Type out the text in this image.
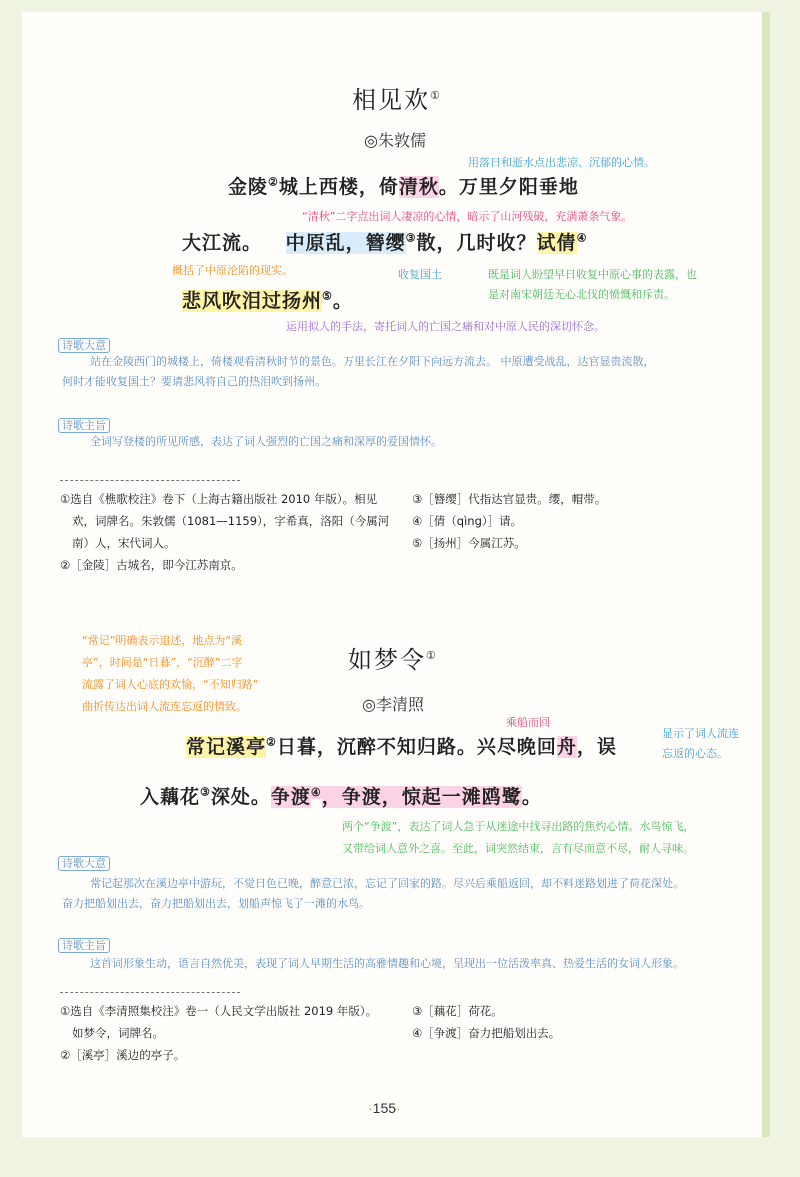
相见欢①
◎朱敦儒
用落日和逝水点出悲凉、沉郁的心情。
金陵②城上西楼，倚清秋。万里夕阳垂地
“清秋”二字点出词人凄凉的心情，暗示了山河残破，充满萧条气象。
大江流。 中原乱，簪缨③散，几时收？试倩④
概括了中原沦陷的现实。	收复国土	既是词人盼望早日收复中原心事的表露，也
是对南宋朝廷无心北伐的愤慨和斥责。
悲风吹泪过扬州⑤。
运用拟人的手法，寄托词人的亡国之痛和对中原人民的深切怀念。
诗歌大意
站在金陵西门的城楼上，倚楼观看清秋时节的景色。万里长江在夕阳下向远方流去。 中原遭受战乱，达官显贵流散，
何时才能收复国土？要请悲风将自己的热泪吹到扬州。
诗歌主旨
全词写登楼的所见所感，表达了词人强烈的亡国之痛和深厚的爱国情怀。
①选自《樵歌校注》卷下（上海古籍出版社 2010 年版）。相见
欢，词牌名。朱敦儒（1081—1159），字希真，洛阳（今属河
南）人，宋代词人。
②［金陵］古城名，即今江苏南京。
③［簪缨］代指达官显贵。缨，帽带。
④［倩（qìng）］请。
⑤［扬州］今属江苏。
“常记”明确表示追述，地点为“溪
亭”，时间是“日暮”，“沉醉”二字
流露了词人心底的欢愉，“不知归路”
曲折传达出词人流连忘返的情致。
如梦令①
◎李清照
乘船而回
显示了词人流连
忘返的心态。
常记溪亭②日暮，沉醉不知归路。兴尽晚回舟，误
入藕花③深处。争渡④，争渡，惊起一滩鸥鹭。
两个“争渡”，表达了词人急于从迷途中找寻出路的焦灼心情。水鸟惊飞，
又带给词人意外之喜。至此，词突然结束，言有尽而意不尽，耐人寻味。
诗歌大意
常记起那次在溪边亭中游玩，不觉日色已晚，醉意已浓，忘记了回家的路。尽兴后乘船返回，却不料迷路划进了荷花深处。
奋力把船划出去，奋力把船划出去，划船声惊飞了一滩的水鸟。
诗歌主旨
这首词形象生动，语言自然优美，表现了词人早期生活的高雅情趣和心境，呈现出一位活泼率真、热爱生活的女词人形象。
①选自《李清照集校注》卷一（人民文学出版社 2019 年版）。
如梦令，词牌名。
②［溪亭］溪边的亭子。
③［藕花］荷花。
④［争渡］奋力把船划出去。
·155·
